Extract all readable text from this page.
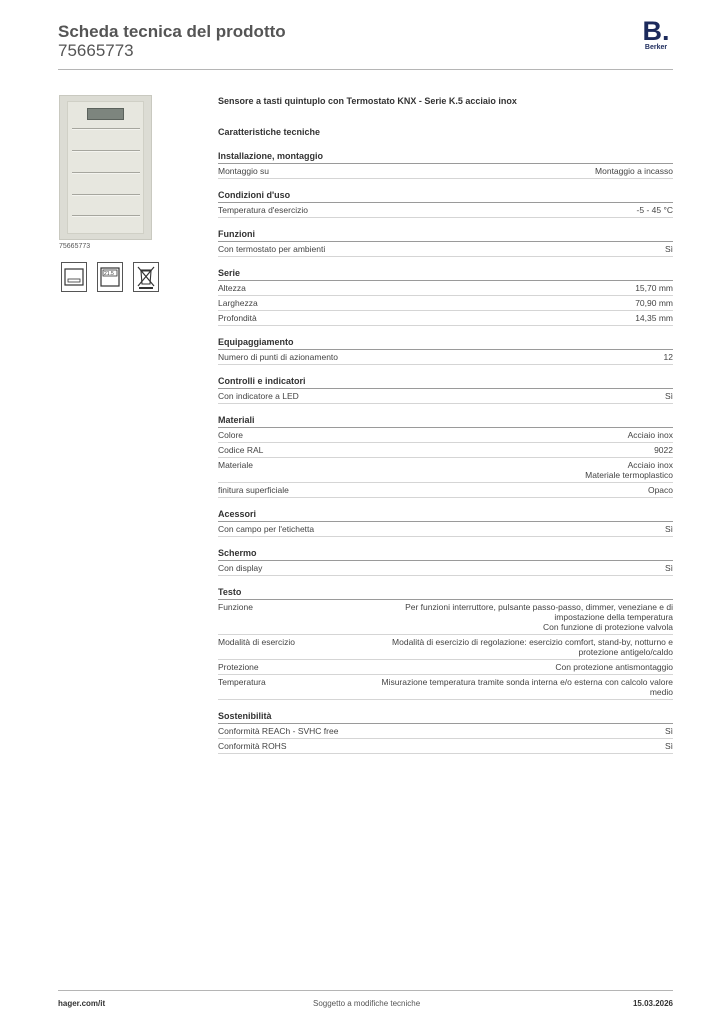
Scheda tecnica del prodotto
75665773
B.
Berker
75665773
21.5
Sensore a tasti quintuplo con Termostato KNX - Serie K.5 acciaio inox
Caratteristiche tecniche
Installazione, montaggio
Montaggio su	Montaggio a incasso
Condizioni d'uso
Temperatura d'esercizio	-5 - 45 °C
Funzioni
Con termostato per ambienti	Sì
Serie
Altezza	15,70 mm
Larghezza	70,90 mm
Profondità	14,35 mm
Equipaggiamento
Numero di punti di azionamento	12
Controlli e indicatori
Con indicatore a LED	Sì
Materiali
Colore	Acciaio inox
Codice RAL	9022
Materiale	Acciaio inox
Materiale termoplastico
finitura superficiale	Opaco
Acessori
Con campo per l'etichetta	Sì
Schermo
Con display	Sì
Testo
Funzione	Per funzioni interruttore, pulsante passo-passo, dimmer, veneziane e di impostazione della temperatura
Con funzione di protezione valvola
Modalità di esercizio	Modalità di esercizio di regolazione: esercizio comfort, stand-by, notturno e protezione antigelo/caldo
Protezione	Con protezione antismontaggio
Temperatura	Misurazione temperatura tramite sonda interna e/o esterna con calcolo valore medio
Sostenibilità
Conformità REACh - SVHC free	Sì
Conformità ROHS	Sì
hager.com/it	Soggetto a modifiche tecniche	15.03.2026
